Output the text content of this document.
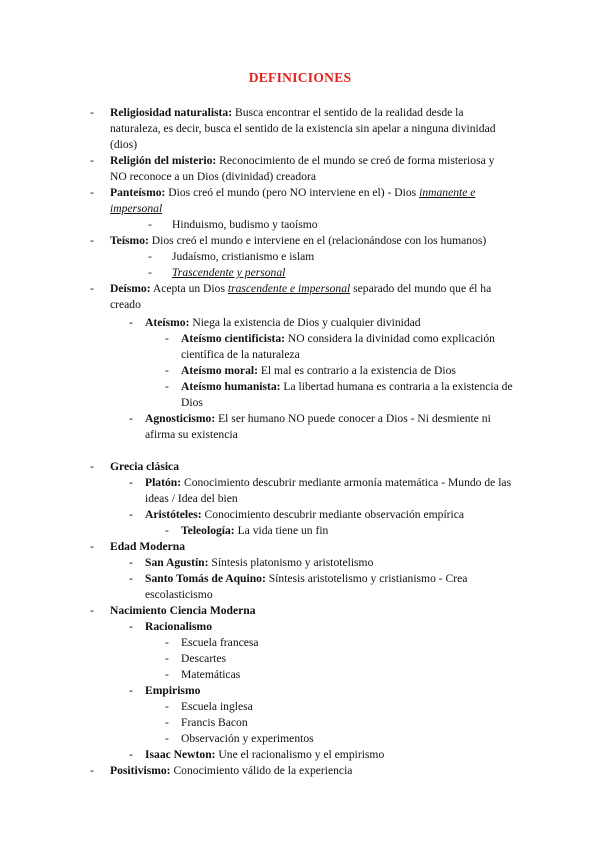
DEFINICIONES
- Religiosidad naturalista: Busca encontrar el sentido de la realidad desde la
naturaleza, es decir, busca el sentido de la existencia sin apelar a ninguna divinidad
(dios)
- Religión del misterio: Reconocimiento de el mundo se creó de forma misteriosa y
NO reconoce a un Dios (divinidad) creadora
- Panteísmo: Dios creó el mundo (pero NO interviene en el) - Dios inmanente e
impersonal
- Hinduismo, budismo y taoísmo
- Teísmo: Dios creó el mundo e interviene en el (relacionándose con los humanos)
- Judaísmo, cristianismo e islam
- Trascendente y personal
- Deísmo: Acepta un Dios trascendente e impersonal separado del mundo que él ha
creado
- Ateísmo: Niega la existencia de Dios y cualquier divinidad
- Ateísmo cientificista: NO considera la divinidad como explicación
científica de la naturaleza
- Ateísmo moral: El mal es contrario a la existencia de Dios
- Ateísmo humanista: La libertad humana es contraria a la existencia de
Dios
- Agnosticismo: El ser humano NO puede conocer a Dios - Ni desmiente ni
afirma su existencia
- Grecia clásica
- Platón: Conocimiento descubrir mediante armonía matemática - Mundo de las
ideas / Idea del bien
- Aristóteles: Conocimiento descubrir mediante observación empírica
- Teleología: La vida tiene un fin
- Edad Moderna
- San Agustín: Síntesis platonismo y aristotelismo
- Santo Tomás de Aquino: Síntesis aristotelismo y cristianismo - Crea
escolasticismo
- Nacimiento Ciencia Moderna
- Racionalismo
- Escuela francesa
- Descartes
- Matemáticas
- Empirismo
- Escuela inglesa
- Francis Bacon
- Observación y experimentos
- Isaac Newton: Une el racionalismo y el empirismo
- Positivismo: Conocimiento válido de la experiencia
